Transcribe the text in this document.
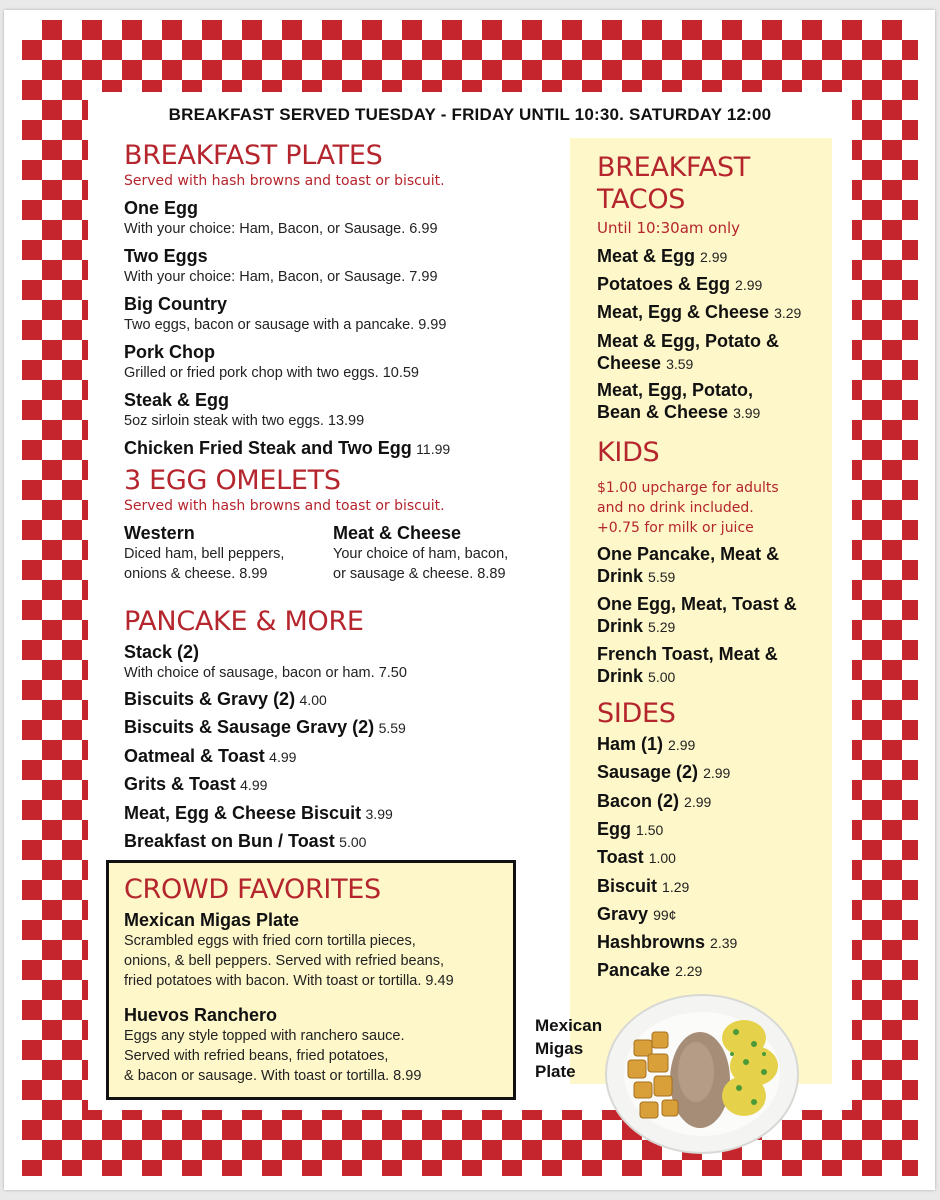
BREAKFAST SERVED TUESDAY - FRIDAY UNTIL 10:30. SATURDAY 12:00
BREAKFAST PLATES
Served with hash browns and toast or biscuit.
One Egg
With your choice: Ham, Bacon, or Sausage. 6.99
Two Eggs
With your choice: Ham, Bacon, or Sausage. 7.99
Big Country
Two eggs, bacon or sausage with a pancake. 9.99
Pork Chop
Grilled or fried pork chop with two eggs. 10.59
Steak & Egg
5oz sirloin steak with two eggs. 13.99
Chicken Fried Steak and Two Egg 11.99
3 EGG OMELETS
Served with hash browns and toast or biscuit.
Western
Diced ham, bell peppers,
onions & cheese. 8.99
Meat & Cheese
Your choice of ham, bacon,
or sausage & cheese. 8.89
PANCAKE & MORE
Stack (2)
With choice of sausage, bacon or ham. 7.50
Biscuits & Gravy (2) 4.00
Biscuits & Sausage Gravy (2) 5.59
Oatmeal & Toast 4.99
Grits & Toast 4.99
Meat, Egg & Cheese Biscuit 3.99
Breakfast on Bun / Toast 5.00
CROWD FAVORITES
Mexican Migas Plate
Scrambled eggs with fried corn tortilla pieces,
onions, & bell peppers. Served with refried beans,
fried potatoes with bacon. With toast or tortilla. 9.49
Huevos Ranchero
Eggs any style topped with ranchero sauce.
Served with refried beans, fried potatoes,
& bacon or sausage. With toast or tortilla. 8.99
BREAKFAST
TACOS
Until 10:30am only
Meat & Egg 2.99
Potatoes & Egg 2.99
Meat, Egg & Cheese 3.29
Meat & Egg, Potato &
Cheese 3.59
Meat, Egg, Potato,
Bean & Cheese 3.99
KIDS
$1.00 upcharge for adults
and no drink included.
+0.75 for milk or juice
One Pancake, Meat &
Drink 5.59
One Egg, Meat, Toast &
Drink 5.29
French Toast, Meat &
Drink 5.00
SIDES
Ham (1) 2.99
Sausage (2) 2.99
Bacon (2) 2.99
Egg 1.50
Toast 1.00
Biscuit 1.29
Gravy 99¢
Hashbrowns 2.39
Pancake 2.29
Mexican
Migas
Plate
